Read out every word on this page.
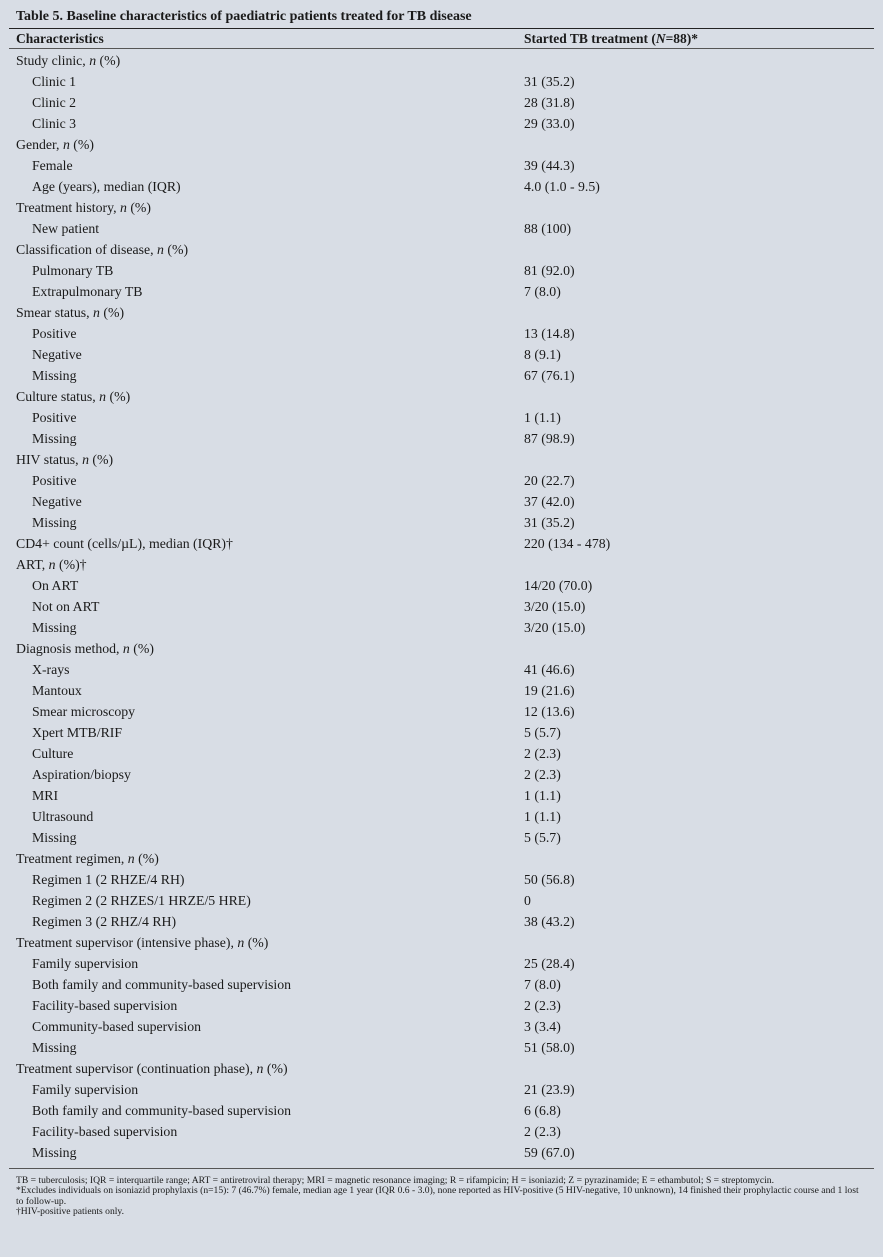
Table 5. Baseline characteristics of paediatric patients treated for TB disease
Characteristics	Started TB treatment (N=88)*
Study clinic, n (%)
Clinic 1	31 (35.2)
Clinic 2	28 (31.8)
Clinic 3	29 (33.0)
Gender, n (%)
Female	39 (44.3)
Age (years), median (IQR)	4.0 (1.0 - 9.5)
Treatment history, n (%)
New patient	88 (100)
Classification of disease, n (%)
Pulmonary TB	81 (92.0)
Extrapulmonary TB	7 (8.0)
Smear status, n (%)
Positive	13 (14.8)
Negative	8 (9.1)
Missing	67 (76.1)
Culture status, n (%)
Positive	1 (1.1)
Missing	87 (98.9)
HIV status, n (%)
Positive	20 (22.7)
Negative	37 (42.0)
Missing	31 (35.2)
CD4+ count (cells/µL), median (IQR)†	220 (134 - 478)
ART, n (%)†
On ART	14/20 (70.0)
Not on ART	3/20 (15.0)
Missing	3/20 (15.0)
Diagnosis method, n (%)
X-rays	41 (46.6)
Mantoux	19 (21.6)
Smear microscopy	12 (13.6)
Xpert MTB/RIF	5 (5.7)
Culture	2 (2.3)
Aspiration/biopsy	2 (2.3)
MRI	1 (1.1)
Ultrasound	1 (1.1)
Missing	5 (5.7)
Treatment regimen, n (%)
Regimen 1 (2 RHZE/4 RH)	50 (56.8)
Regimen 2 (2 RHZES/1 HRZE/5 HRE)	0
Regimen 3 (2 RHZ/4 RH)	38 (43.2)
Treatment supervisor (intensive phase), n (%)
Family supervision	25 (28.4)
Both family and community-based supervision	7 (8.0)
Facility-based supervision	2 (2.3)
Community-based supervision	3 (3.4)
Missing	51 (58.0)
Treatment supervisor (continuation phase), n (%)
Family supervision	21 (23.9)
Both family and community-based supervision	6 (6.8)
Facility-based supervision	2 (2.3)
Missing	59 (67.0)

TB = tuberculosis; IQR = interquartile range; ART = antiretroviral therapy; MRI = magnetic resonance imaging; R = rifampicin; H = isoniazid; Z = pyrazinamide; E = ethambutol; S = streptomycin.

*Excludes individuals on isoniazid prophylaxis (n=15): 7 (46.7%) female, median age 1 year (IQR 0.6 - 3.0), none reported as HIV-positive (5 HIV-negative, 10 unknown), 14 finished their prophylactic course and 1 lost to follow-up.

†HIV-positive patients only.
